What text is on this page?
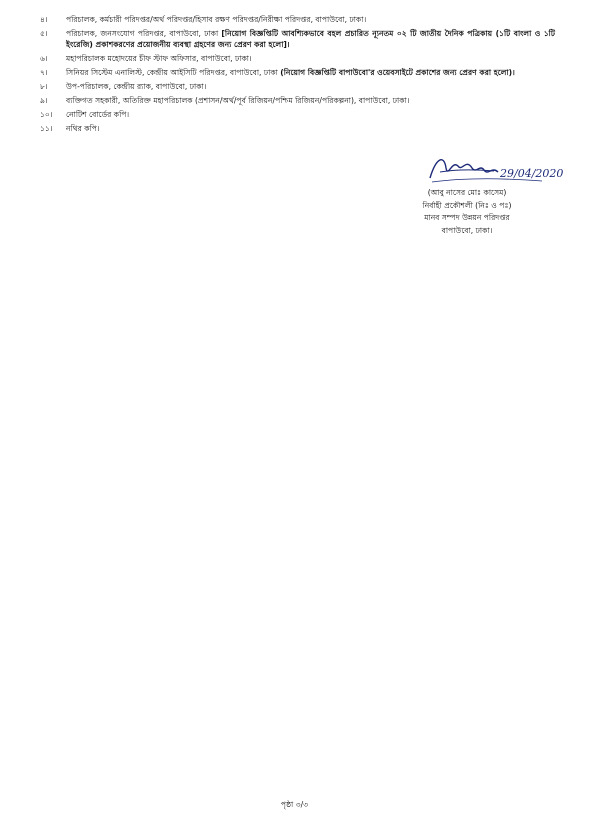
৪।	পরিচালক, কর্মচারী পরিদপ্তর/অর্থ পরিদপ্তর/হিসাব রক্ষণ পরিদপ্তর/নিরীক্ষা পরিদপ্তর, বাপাউবো, ঢাকা।
৫।	পরিচালক, জনসংযোগ পরিদপ্তর, বাপাউবো, ঢাকা [নিয়োগ বিজ্ঞপ্তিটি আবশ্যিকভাবে বহল প্রচারিত ন্যূনতম ০২ টি জাতীয় দৈনিক পত্রিকায় (১টি বাংলা ও ১টি ইংরেজি) প্রকাশকরণের প্রয়োজনীয় ব্যবস্থা গ্রহণের জন্য প্রেরণ করা হলো]।
৬।	মহাপরিচালক মহোদয়ের চীফ স্টাফ অফিসার, বাপাউবো, ঢাকা।
৭।	সিনিয়র সিস্টেম এনালিস্ট, কেন্দ্রীয় আইসিটি পরিদপ্তর, বাপাউবো, ঢাকা (নিয়োগ বিজ্ঞপ্তিটি বাপাউবো'র ওয়েবসাইটে প্রকাশের জন্য প্রেরণ করা হলো)।
৮।	উপ-পরিচালক, কেন্দ্রীয় র‍্যাক, বাপাউবো, ঢাকা।
৯।	ব্যক্তিগত সহকারী, অতিরিক্ত মহাপরিচালক (প্রশাসন/অর্থ/পূর্ব রিজিয়ন/পশ্চিম রিজিয়ন/পরিকল্পনা), বাপাউবো, ঢাকা।
১০।	নোটিশ বোর্ডের কপি।
১১।	নথির কপি।
29/04/2020
(আবু নাসের মোঃ কাসেম)
নির্বাহী প্রকৌশলী (নিঃ ও পঃ)
মানব সম্পদ উন্নয়ন পরিদপ্তর
বাপাউবো, ঢাকা।
পৃষ্ঠা ৩/৩
